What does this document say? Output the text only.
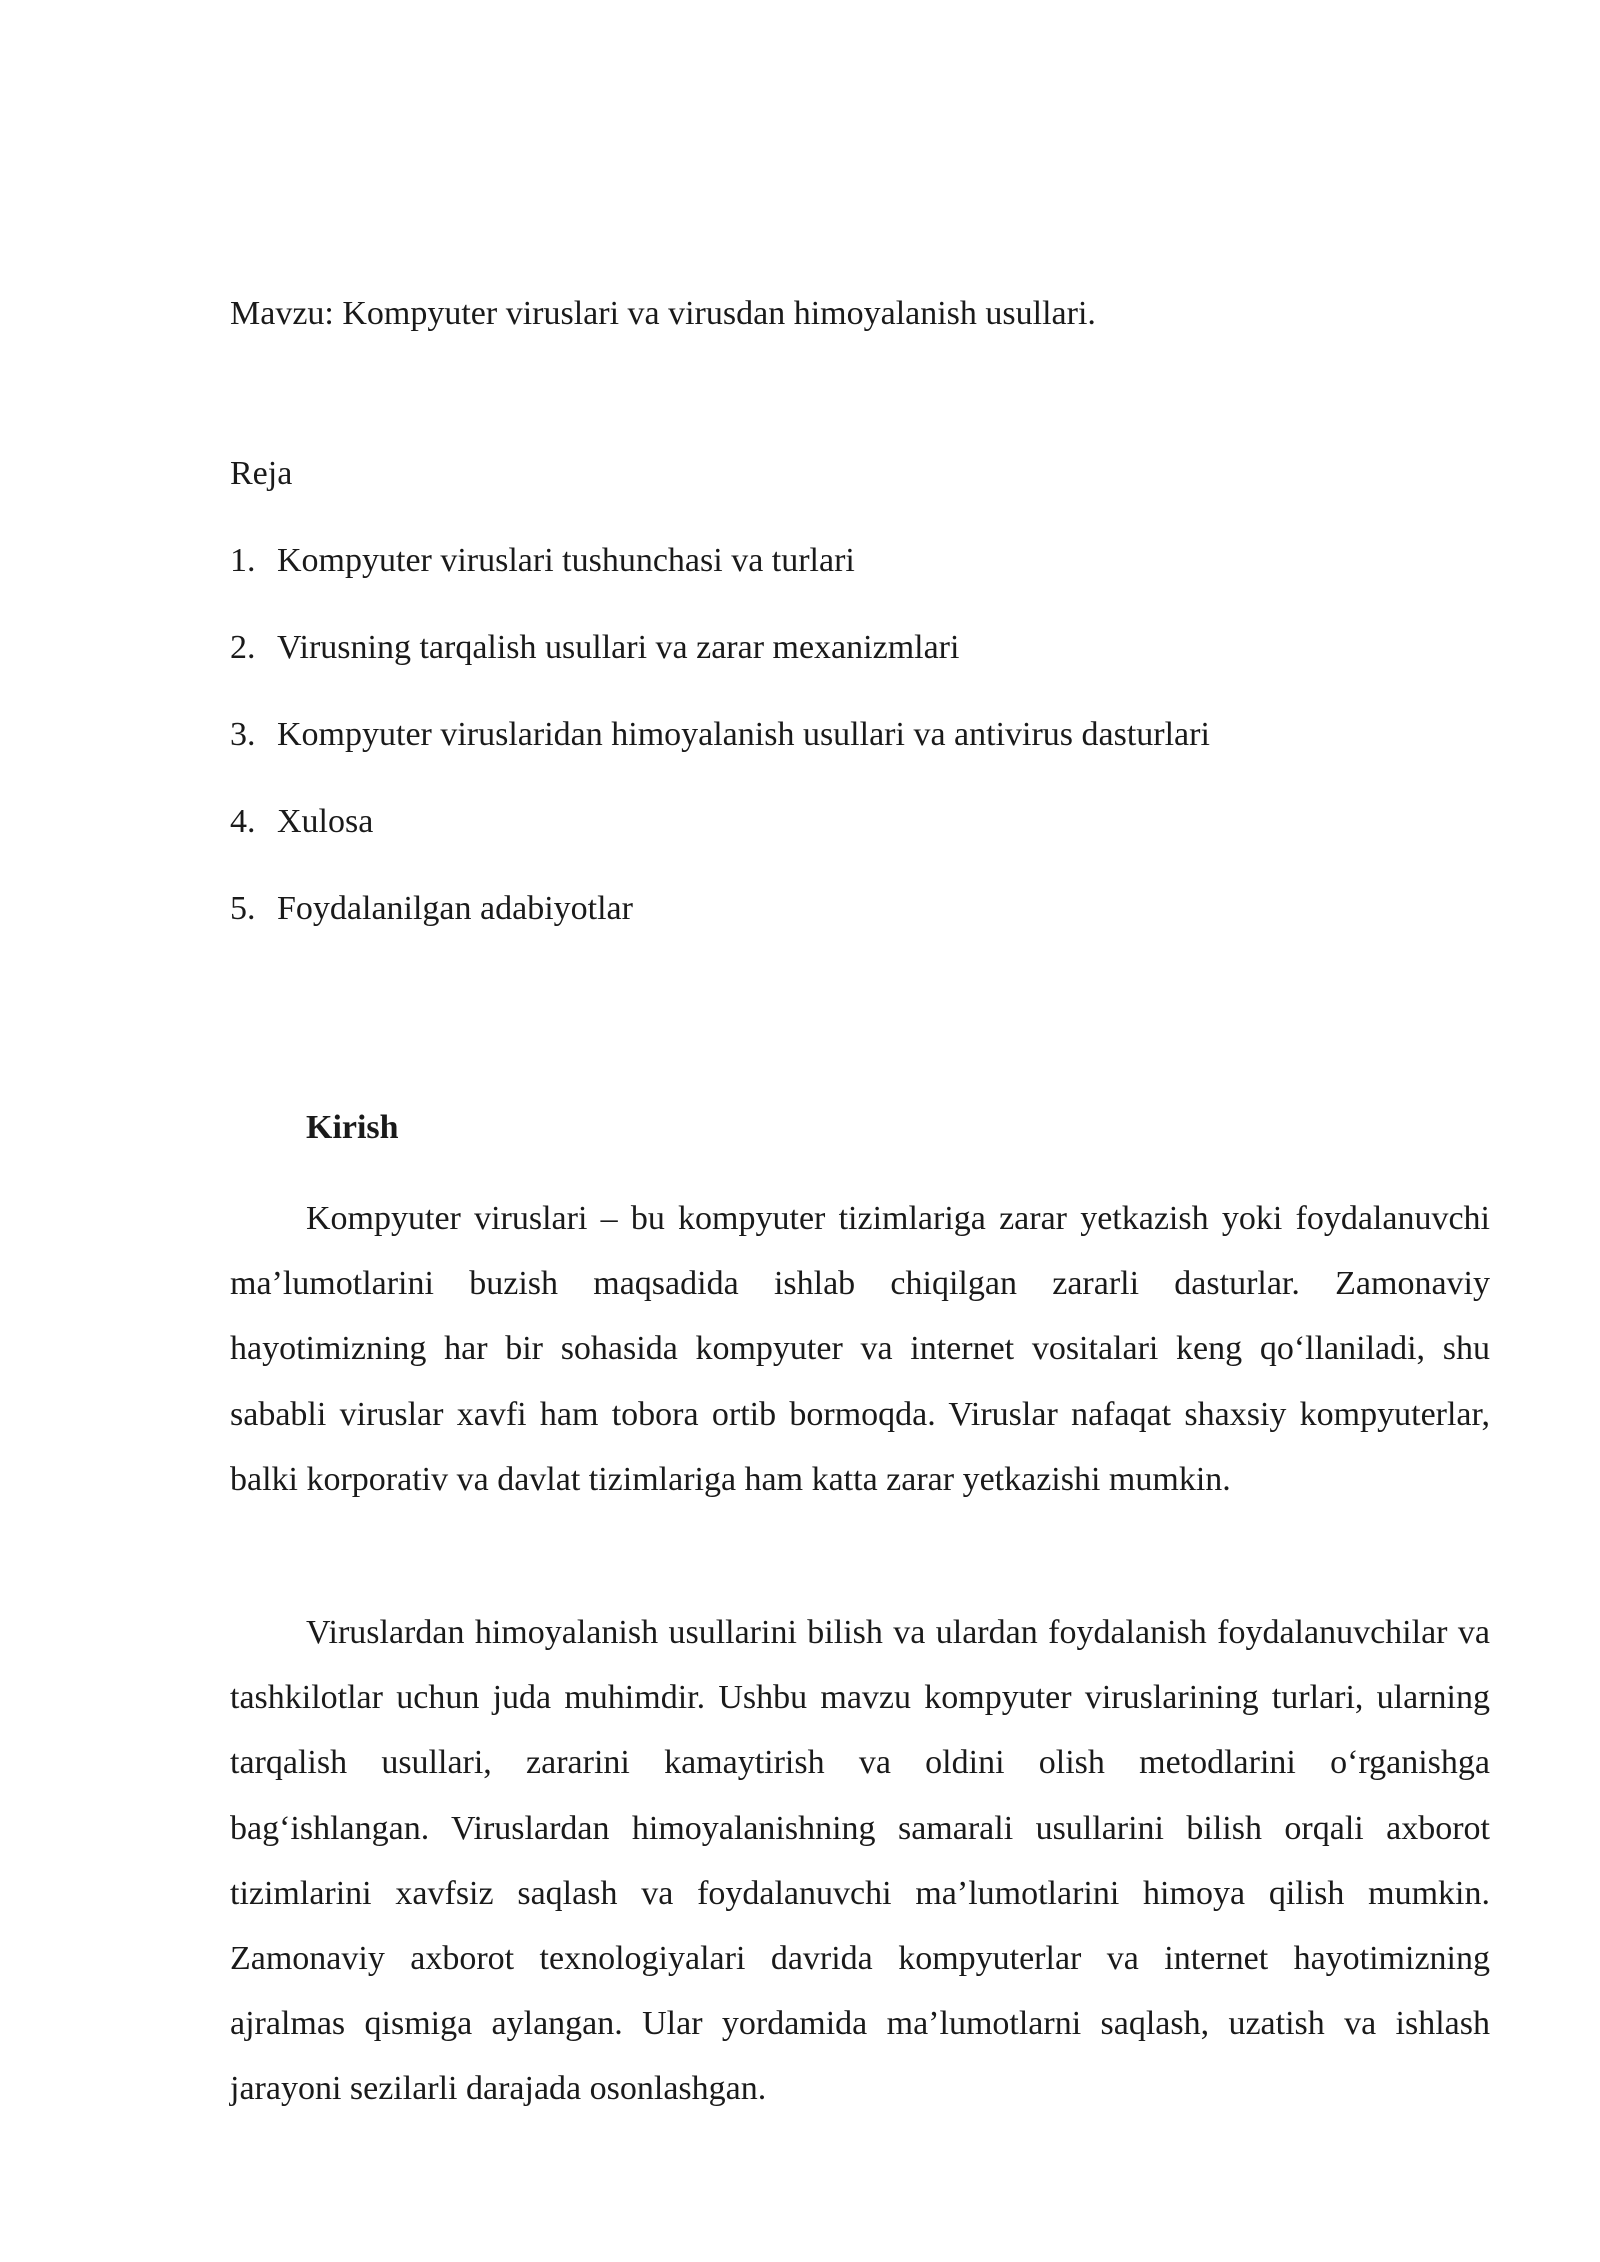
Mavzu: Kompyuter viruslari va virusdan himoyalanish usullari.
Reja
1. Kompyuter viruslari tushunchasi va turlari
2. Virusning tarqalish usullari va zarar mexanizmlari
3. Kompyuter viruslaridan himoyalanish usullari va antivirus dasturlari
4. Xulosa
5. Foydalanilgan adabiyotlar
Kirish

Kompyuter viruslari – bu kompyuter tizimlariga zarar yetkazish yoki foydalanuvchi ma’lumotlarini buzish maqsadida ishlab chiqilgan zararli dasturlar. Zamonaviy hayotimizning har bir sohasida kompyuter va internet vositalari keng qo‘llaniladi, shu sababli viruslar xavfi ham tobora ortib bormoqda. Viruslar nafaqat shaxsiy kompyuterlar, balki korporativ va davlat tizimlariga ham katta zarar yetkazishi mumkin.

Viruslardan himoyalanish usullarini bilish va ulardan foydalanish foydalanuvchilar va tashkilotlar uchun juda muhimdir. Ushbu mavzu kompyuter viruslarining turlari, ularning tarqalish usullari, zararini kamaytirish va oldini olish metodlarini o‘rganishga bag‘ishlangan. Viruslardan himoyalanishning samarali usullarini bilish orqali axborot tizimlarini xavfsiz saqlash va foydalanuvchi ma’lumotlarini himoya qilish mumkin. Zamonaviy axborot texnologiyalari davrida kompyuterlar va internet hayotimizning ajralmas qismiga aylangan. Ular yordamida ma’lumotlarni saqlash, uzatish va ishlash jarayoni sezilarli darajada osonlashgan.
